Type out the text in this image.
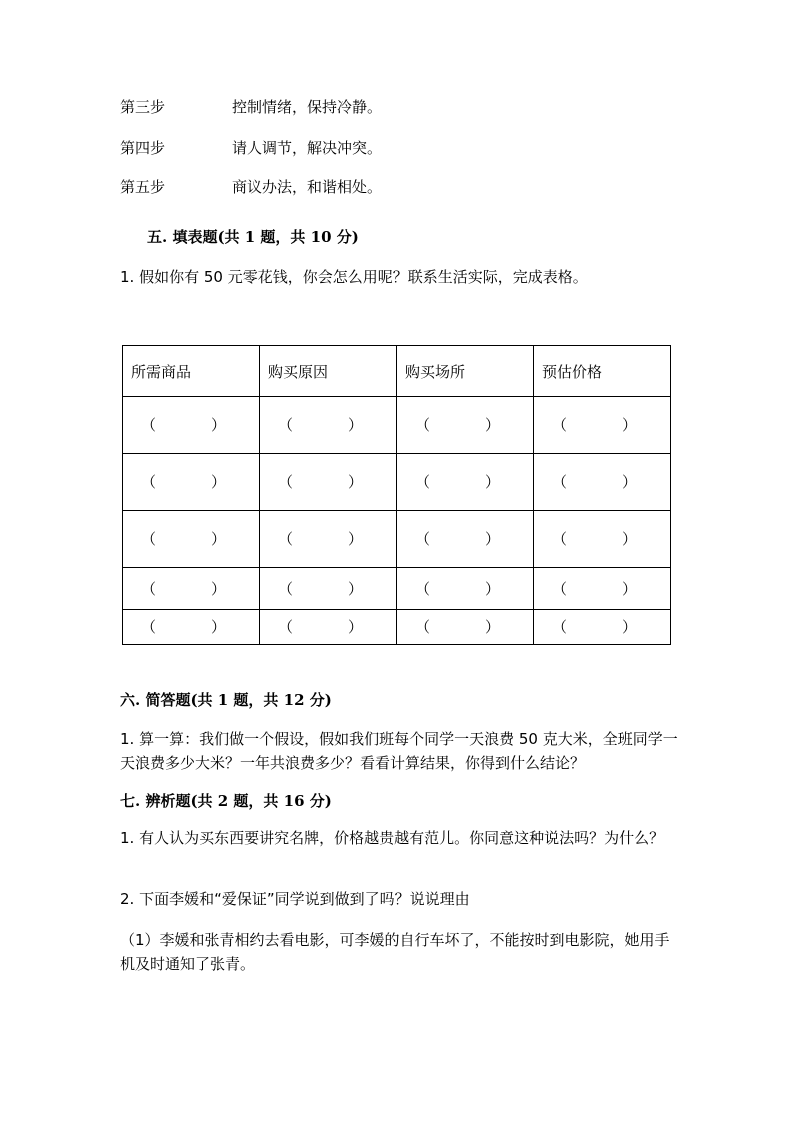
第三步	控制情绪，保持冷静。
第四步	请人调节，解决冲突。
第五步	商议办法，和谐相处。
五. 填表题(共 1 题，共 10 分)
1. 假如你有 50 元零花钱，你会怎么用呢？联系生活实际，完成表格。
所需商品	购买原因	购买场所	预估价格

（ ）	（ ）	（ ）	（ ）

（ ）	（ ）	（ ）	（ ）

（ ）	（ ）	（ ）	（ ）

（ ）	（ ）	（ ）	（ ）

（ ）	（ ）	（ ）	（ ）
六. 简答题(共 1 题，共 12 分)
1. 算一算：我们做一个假设，假如我们班每个同学一天浪费 50 克大米，全班同学一天浪费多少大米？一年共浪费多少？看看计算结果，你得到什么结论？
七. 辨析题(共 2 题，共 16 分)
1. 有人认为买东西要讲究名牌，价格越贵越有范儿。你同意这种说法吗？为什么？
2. 下面李媛和“爱保证”同学说到做到了吗？说说理由
（1）李媛和张青相约去看电影，可李媛的自行车坏了，不能按时到电影院，她用手机及时通知了张青。
